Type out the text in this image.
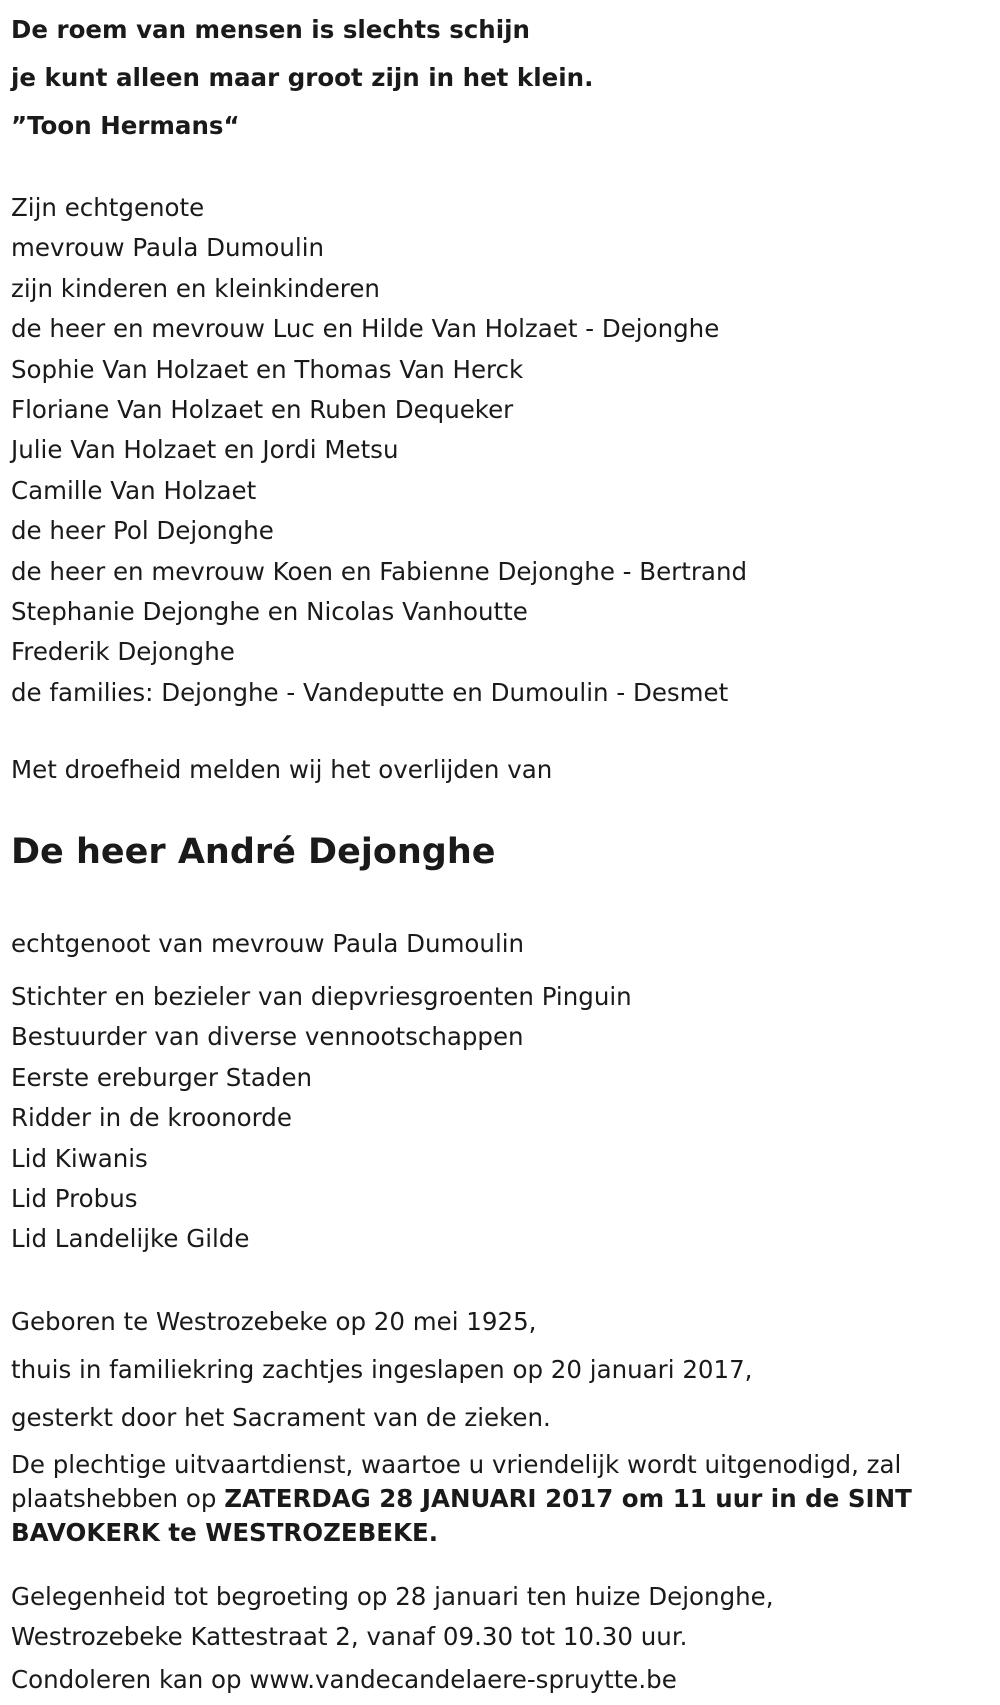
De roem van mensen is slechts schijn

je kunt alleen maar groot zijn in het klein.

”Toon Hermans“

Zijn echtgenote

mevrouw Paula Dumoulin

zijn kinderen en kleinkinderen

de heer en mevrouw Luc en Hilde Van Holzaet - Dejonghe

Sophie Van Holzaet en Thomas Van Herck

Floriane Van Holzaet en Ruben Dequeker

Julie Van Holzaet en Jordi Metsu

Camille Van Holzaet

de heer Pol Dejonghe

de heer en mevrouw Koen en Fabienne Dejonghe - Bertrand

Stephanie Dejonghe en Nicolas Vanhoutte

Frederik Dejonghe

de families: Dejonghe - Vandeputte en Dumoulin - Desmet

Met droefheid melden wij het overlijden van

De heer André Dejonghe

echtgenoot van mevrouw Paula Dumoulin

Stichter en bezieler van diepvriesgroenten Pinguin

Bestuurder van diverse vennootschappen

Eerste ereburger Staden

Ridder in de kroonorde

Lid Kiwanis

Lid Probus

Lid Landelijke Gilde

Geboren te Westrozebeke op 20 mei 1925,

thuis in familiekring zachtjes ingeslapen op 20 januari 2017,

gesterkt door het Sacrament van de zieken.

De plechtige uitvaartdienst, waartoe u vriendelijk wordt uitgenodigd, zal plaatshebben op ZATERDAG 28 JANUARI 2017 om 11 uur in de SINT BAVOKERK te WESTROZEBEKE.

Gelegenheid tot begroeting op 28 januari ten huize Dejonghe,

Westrozebeke Kattestraat 2, vanaf 09.30 tot 10.30 uur.

Condoleren kan op www.vandecandelaere-spruytte.be
